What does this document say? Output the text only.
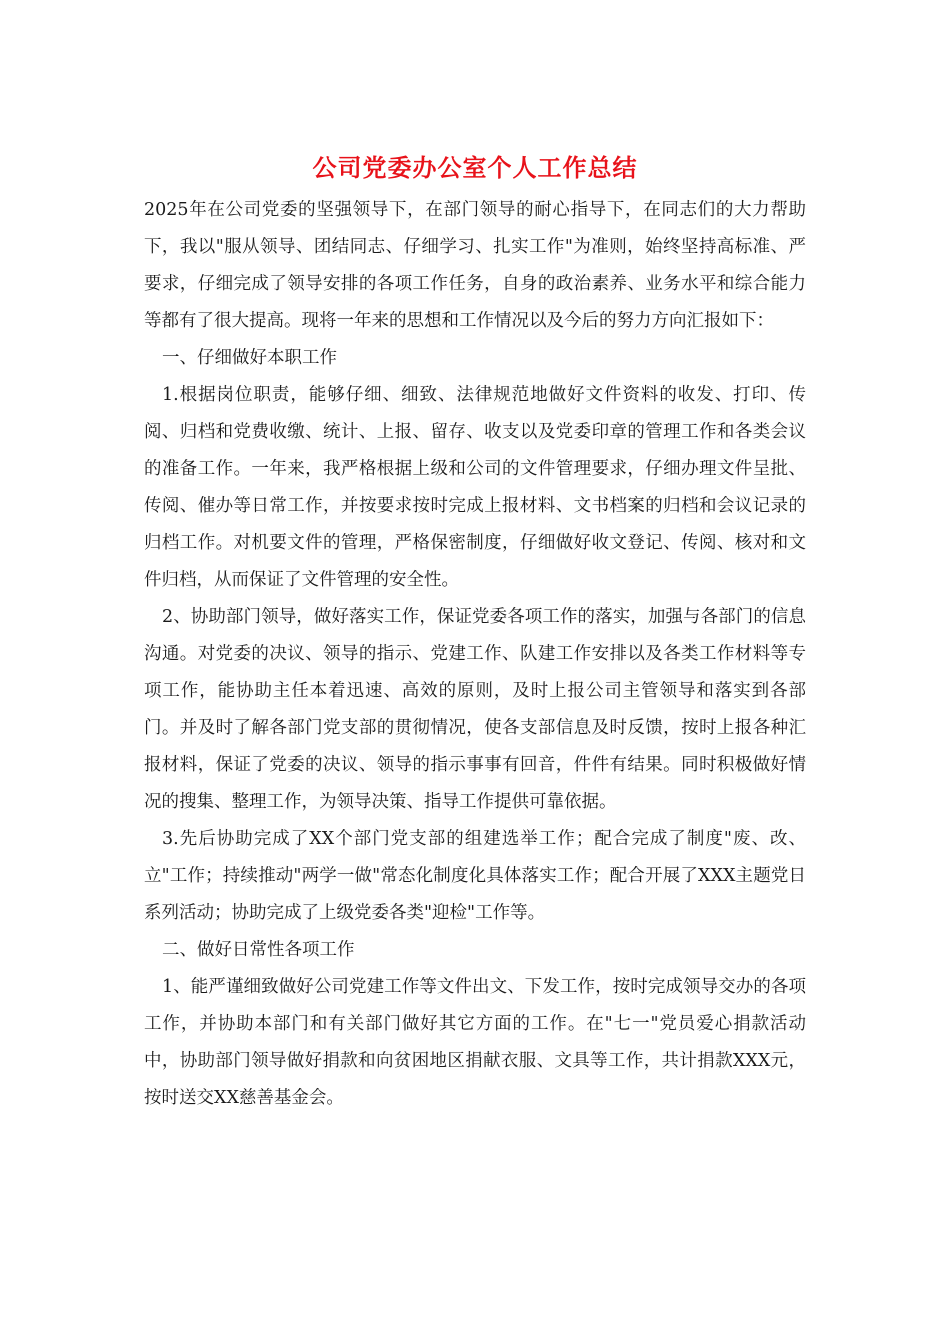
公司党委办公室个人工作总结

2025年在公司党委的坚强领导下，在部门领导的耐心指导下，在同志们的大力帮助下，我以"服从领导、团结同志、仔细学习、扎实工作"为准则，始终坚持高标准、严要求，仔细完成了领导安排的各项工作任务，自身的政治素养、业务水平和综合能力等都有了很大提高。现将一年来的思想和工作情况以及今后的努力方向汇报如下：

一、仔细做好本职工作

1.根据岗位职责，能够仔细、细致、法律规范地做好文件资料的收发、打印、传阅、归档和党费收缴、统计、上报、留存、收支以及党委印章的管理工作和各类会议的准备工作。一年来，我严格根据上级和公司的文件管理要求，仔细办理文件呈批、传阅、催办等日常工作，并按要求按时完成上报材料、文书档案的归档和会议记录的归档工作。对机要文件的管理，严格保密制度，仔细做好收文登记、传阅、核对和文件归档，从而保证了文件管理的安全性。

2、协助部门领导，做好落实工作，保证党委各项工作的落实，加强与各部门的信息沟通。对党委的决议、领导的指示、党建工作、队建工作安排以及各类工作材料等专项工作，能协助主任本着迅速、高效的原则，及时上报公司主管领导和落实到各部门。并及时了解各部门党支部的贯彻情况，使各支部信息及时反馈，按时上报各种汇报材料，保证了党委的决议、领导的指示事事有回音，件件有结果。同时积极做好情况的搜集、整理工作，为领导决策、指导工作提供可靠依据。

3.先后协助完成了XX个部门党支部的组建选举工作；配合完成了制度"废、改、立"工作；持续推动"两学一做"常态化制度化具体落实工作；配合开展了XXX主题党日系列活动；协助完成了上级党委各类"迎检"工作等。

二、做好日常性各项工作

1、能严谨细致做好公司党建工作等文件出文、下发工作，按时完成领导交办的各项工作，并协助本部门和有关部门做好其它方面的工作。在"七一"党员爱心捐款活动中，协助部门领导做好捐款和向贫困地区捐献衣服、文具等工作，共计捐款XXX元，按时送交XX慈善基金会。
